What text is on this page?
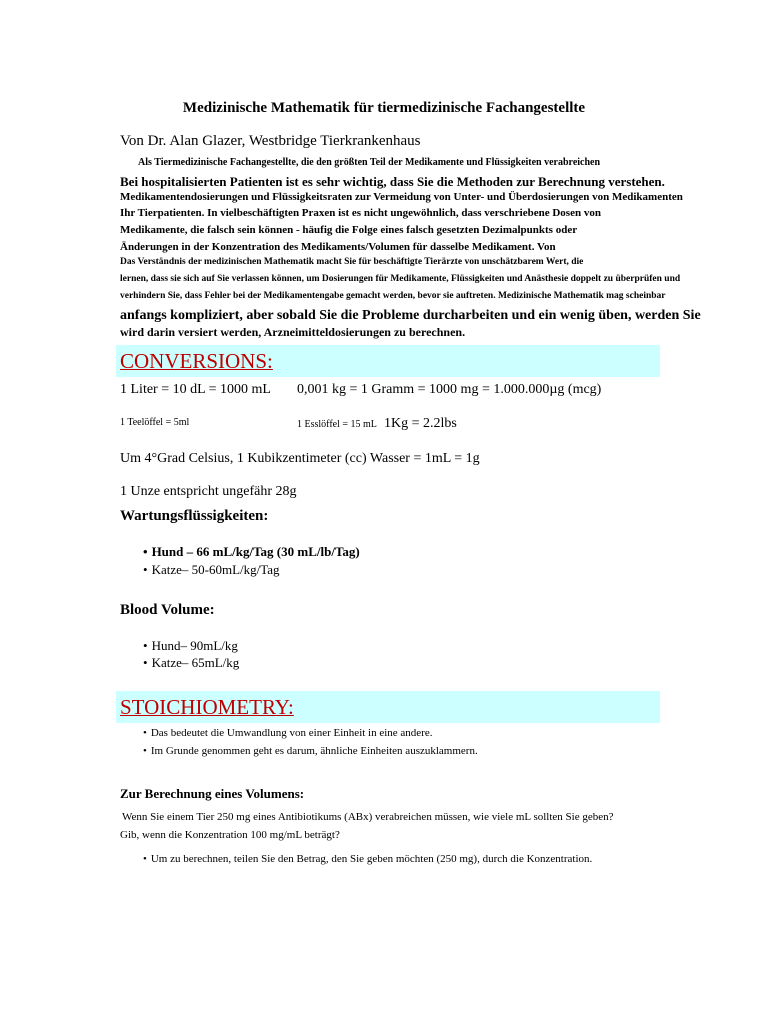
Medizinische Mathematik für tiermedizinische Fachangestellte
Von Dr. Alan Glazer, Westbridge Tierkrankenhaus
Als Tiermedizinische Fachangestellte, die den größten Teil der Medikamente und Flüssigkeiten verabreichen
Bei hospitalisierten Patienten ist es sehr wichtig, dass Sie die Methoden zur Berechnung verstehen.
Medikamentendosierungen und Flüssigkeitsraten zur Vermeidung von Unter- und Überdosierungen von Medikamenten
Ihr Tierpatienten. In vielbeschäftigten Praxen ist es nicht ungewöhnlich, dass verschriebene Dosen von
Medikamente, die falsch sein können - häufig die Folge eines falsch gesetzten Dezimalpunkts oder
Änderungen in der Konzentration des Medikaments/Volumen für dasselbe Medikament. Von
Das Verständnis der medizinischen Mathematik macht Sie für beschäftigte Tierärzte von unschätzbarem Wert, die
lernen, dass sie sich auf Sie verlassen können, um Dosierungen für Medikamente, Flüssigkeiten und Anästhesie doppelt zu überprüfen und
verhindern Sie, dass Fehler bei der Medikamentengabe gemacht werden, bevor sie auftreten. Medizinische Mathematik mag scheinbar
anfangs kompliziert, aber sobald Sie die Probleme durcharbeiten und ein wenig üben, werden Sie
wird darin versiert werden, Arzneimitteldosierungen zu berechnen.
CONVERSIONS:
1 Liter = 10 dL = 1000 mL 0,001 kg = 1 Gramm = 1000 mg = 1.000.000µg (mcg)
1 Teelöffel = 5ml	1 Esslöffel = 15 mL 1Kg = 2.2lbs
Um 4°Grad Celsius, 1 Kubikzentimeter (cc) Wasser = 1mL = 1g
1 Unze entspricht ungefähr 28g
Wartungsflüssigkeiten:
• Hund – 66 mL/kg/Tag (30 mL/lb/Tag)
• Katze– 50-60mL/kg/Tag
Blood Volume:
• Hund– 90mL/kg
• Katze– 65mL/kg
STOICHIOMETRY:
• Das bedeutet die Umwandlung von einer Einheit in eine andere.
• Im Grunde genommen geht es darum, ähnliche Einheiten auszuklammern.
Zur Berechnung eines Volumens:
Wenn Sie einem Tier 250 mg eines Antibiotikums (ABx) verabreichen müssen, wie viele mL sollten Sie geben?
Gib, wenn die Konzentration 100 mg/mL beträgt?
• Um zu berechnen, teilen Sie den Betrag, den Sie geben möchten (250 mg), durch die Konzentration.
